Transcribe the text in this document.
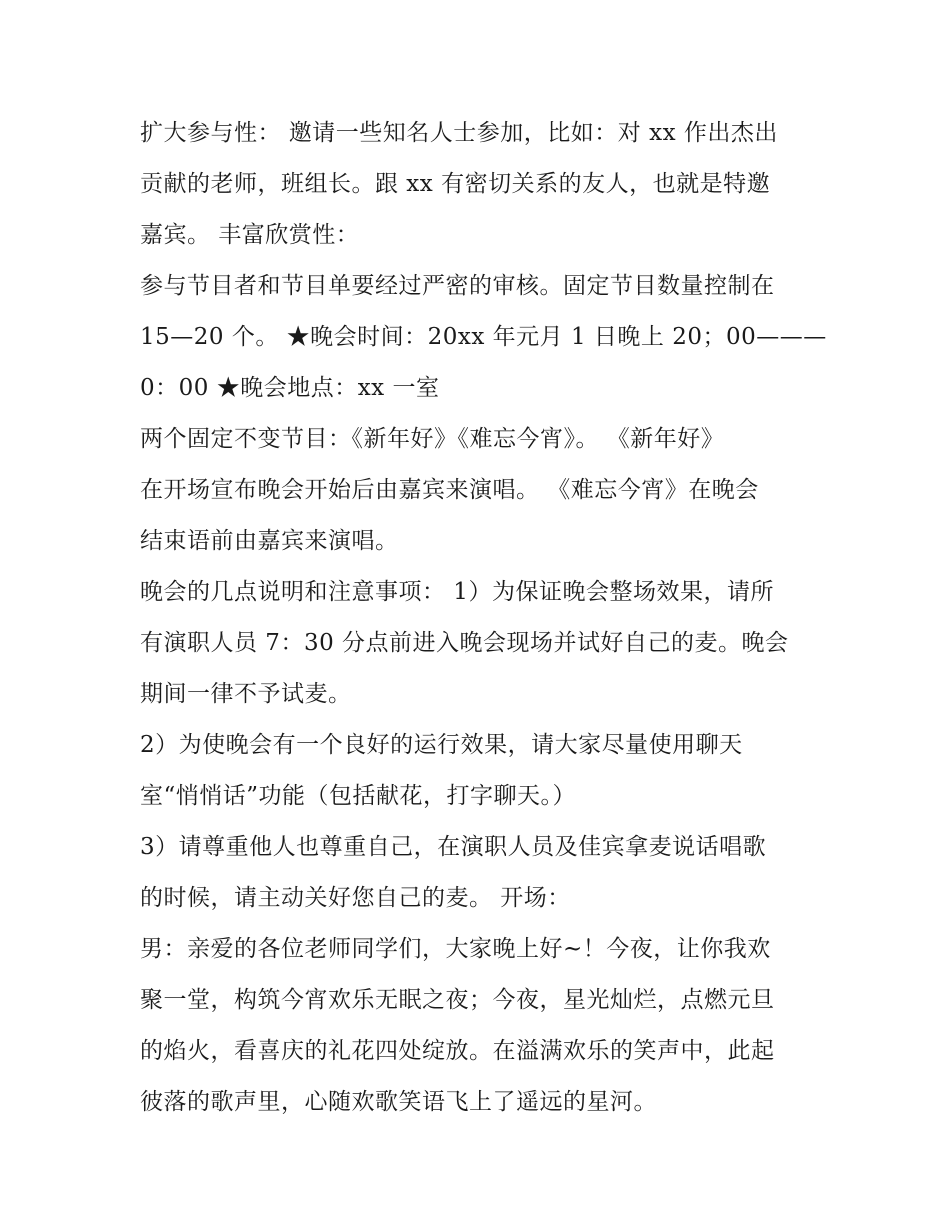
扩大参与性： 邀请一些知名人士参加，比如：对 xx 作出杰出
贡献的老师，班组长。跟 xx 有密切关系的友人，也就是特邀
嘉宾。 丰富欣赏性：
参与节目者和节目单要经过严密的审核。固定节目数量控制在
15—20 个。 ★晚会时间：20xx 年元月 1 日晚上 20；00———
0：00 ★晚会地点：xx 一室
两个固定不变节目：《新年好》《难忘今宵》。 《新年好》
在开场宣布晚会开始后由嘉宾来演唱。 《难忘今宵》在晚会
结束语前由嘉宾来演唱。
晚会的几点说明和注意事项： 1）为保证晚会整场效果，请所
有演职人员 7：30 分点前进入晚会现场并试好自己的麦。晚会
期间一律不予试麦。
2）为使晚会有一个良好的运行效果，请大家尽量使用聊天
室“悄悄话”功能（包括献花，打字聊天。）
3）请尊重他人也尊重自己，在演职人员及佳宾拿麦说话唱歌
的时候，请主动关好您自己的麦。 开场：
男：亲爱的各位老师同学们，大家晚上好~！今夜，让你我欢
聚一堂，构筑今宵欢乐无眠之夜；今夜，星光灿烂，点燃元旦
的焰火，看喜庆的礼花四处绽放。在溢满欢乐的笑声中，此起
彼落的歌声里，心随欢歌笑语飞上了遥远的星河。
